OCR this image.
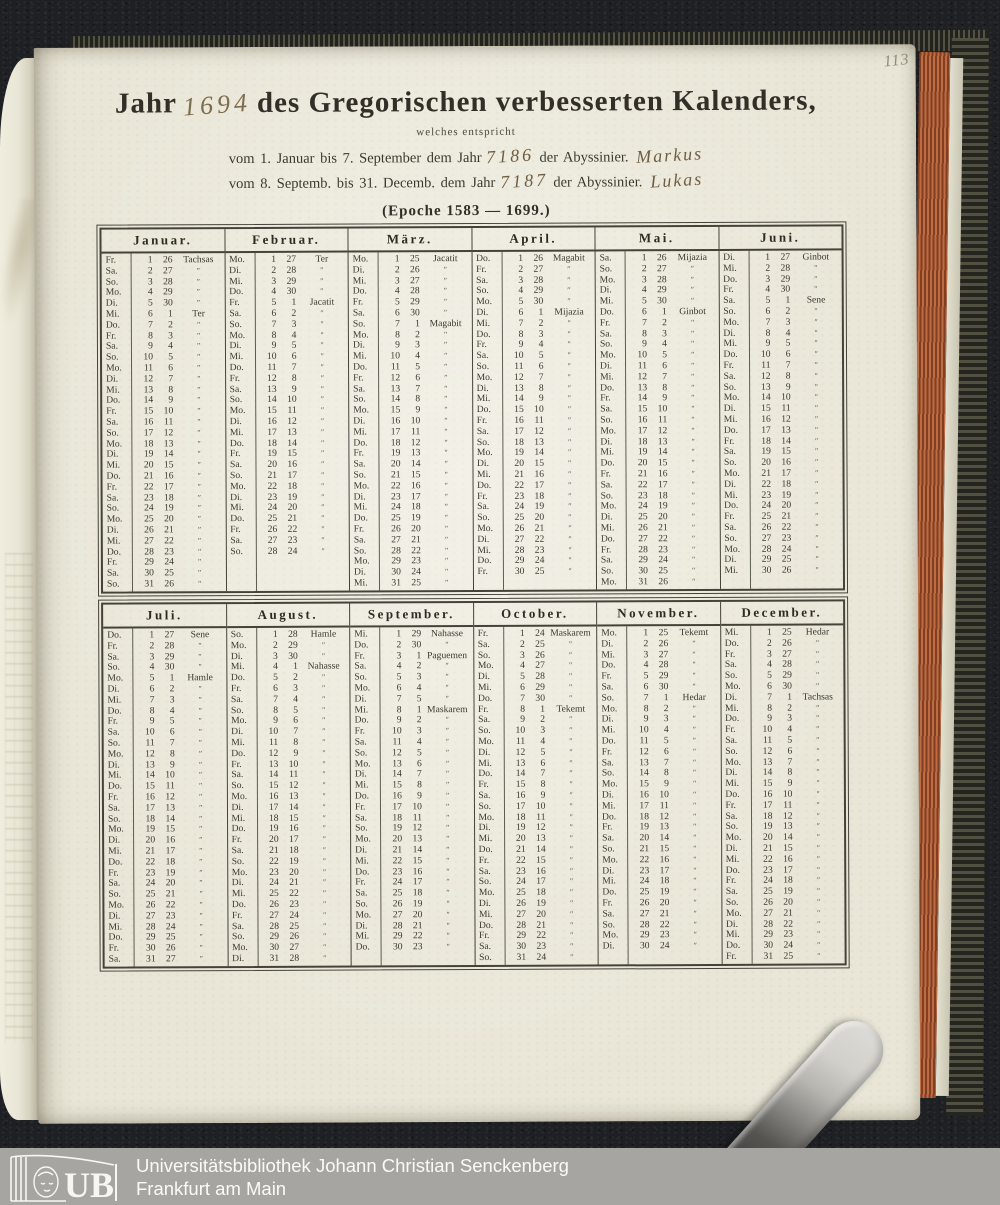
113
Jahr 1694 des Gregorischen verbesserten Kalenders,
welches entspricht
vom 1. Januar bis 7. September dem Jahr 7186 der Abyssinier. Markus
vom 8. Septemb. bis 31. Decemb. dem Jahr 7187 der Abyssinier. Lukas
(Epoche 1583 — 1699.)
Januar.
Fr.	1	26	Tachsas
Sa.	2	27	″
So.	3	28	″
Mo.	4	29	″
Di.	5	30	″
Mi.	6	1	Ter
Do.	7	2	″
Fr.	8	3	″
Sa.	9	4	″
So.	10	5	″
Mo.	11	6	″
Di.	12	7	″
Mi.	13	8	″
Do.	14	9	″
Fr.	15	10	″
Sa.	16	11	″
So.	17	12	″
Mo.	18	13	″
Di.	19	14	″
Mi.	20	15	″
Do.	21	16	″
Fr.	22	17	″
Sa.	23	18	″
So.	24	19	″
Mo.	25	20	″
Di.	26	21	″
Mi.	27	22	″
Do.	28	23	″
Fr.	29	24	″
Sa.	30	25	″
So.	31	26	″
Februar.
Mo.	1	27	Ter
Di.	2	28	″
Mi.	3	29	″
Do.	4	30	″
Fr.	5	1	Jacatit
Sa.	6	2	″
So.	7	3	″
Mo.	8	4	″
Di.	9	5	″
Mi.	10	6	″
Do.	11	7	″
Fr.	12	8	″
Sa.	13	9	″
So.	14	10	″
Mo.	15	11	″
Di.	16	12	″
Mi.	17	13	″
Do.	18	14	″
Fr.	19	15	″
Sa.	20	16	″
So.	21	17	″
Mo.	22	18	″
Di.	23	19	″
Mi.	24	20	″
Do.	25	21	″
Fr.	26	22	″
Sa.	27	23	″
So.	28	24	″
März.
Mo.	1	25	Jacatit
Di.	2	26	″
Mi.	3	27	″
Do.	4	28	″
Fr.	5	29	″
Sa.	6	30	″
So.	7	1	Magabit
Mo.	8	2	″
Di.	9	3	″
Mi.	10	4	″
Do.	11	5	″
Fr.	12	6	″
Sa.	13	7	″
So.	14	8	″
Mo.	15	9	″
Di.	16	10	″
Mi.	17	11	″
Do.	18	12	″
Fr.	19	13	″
Sa.	20	14	″
So.	21	15	″
Mo.	22	16	″
Di.	23	17	″
Mi.	24	18	″
Do.	25	19	″
Fr.	26	20	″
Sa.	27	21	″
So.	28	22	″
Mo.	29	23	″
Di.	30	24	″
Mi.	31	25	″
April.
Do.	1	26	Magabit
Fr.	2	27	″
Sa.	3	28	″
So.	4	29	″
Mo.	5	30	″
Di.	6	1	Mijazia
Mi.	7	2	″
Do.	8	3	″
Fr.	9	4	″
Sa.	10	5	″
So.	11	6	″
Mo.	12	7	″
Di.	13	8	″
Mi.	14	9	″
Do.	15	10	″
Fr.	16	11	″
Sa.	17	12	″
So.	18	13	″
Mo.	19	14	″
Di.	20	15	″
Mi.	21	16	″
Do.	22	17	″
Fr.	23	18	″
Sa.	24	19	″
So.	25	20	″
Mo.	26	21	″
Di.	27	22	″
Mi.	28	23	″
Do.	29	24	″
Fr.	30	25	″
Mai.
Sa.	1	26	Mijazia
So.	2	27	″
Mo.	3	28	″
Di.	4	29	″
Mi.	5	30	″
Do.	6	1	Ginbot
Fr.	7	2	″
Sa.	8	3	″
So.	9	4	″
Mo.	10	5	″
Di.	11	6	″
Mi.	12	7	″
Do.	13	8	″
Fr.	14	9	″
Sa.	15	10	″
So.	16	11	″
Mo.	17	12	″
Di.	18	13	″
Mi.	19	14	″
Do.	20	15	″
Fr.	21	16	″
Sa.	22	17	″
So.	23	18	″
Mo.	24	19	″
Di.	25	20	″
Mi.	26	21	″
Do.	27	22	″
Fr.	28	23	″
Sa.	29	24	″
So.	30	25	″
Mo.	31	26	″
Juni.
Di.	1	27	Ginbot
Mi.	2	28	″
Do.	3	29	″
Fr.	4	30	″
Sa.	5	1	Sene
So.	6	2	″
Mo.	7	3	″
Di.	8	4	″
Mi.	9	5	″
Do.	10	6	″
Fr.	11	7	″
Sa.	12	8	″
So.	13	9	″
Mo.	14	10	″
Di.	15	11	″
Mi.	16	12	″
Do.	17	13	″
Fr.	18	14	″
Sa.	19	15	″
So.	20	16	″
Mo.	21	17	″
Di.	22	18	″
Mi.	23	19	″
Do.	24	20	″
Fr.	25	21	″
Sa.	26	22	″
So.	27	23	″
Mo.	28	24	″
Di.	29	25	″
Mi.	30	26	″
Juli.
Do.	1	27	Sene
Fr.	2	28	″
Sa.	3	29	″
So.	4	30	″
Mo.	5	1	Hamle
Di.	6	2	″
Mi.	7	3	″
Do.	8	4	″
Fr.	9	5	″
Sa.	10	6	″
So.	11	7	″
Mo.	12	8	″
Di.	13	9	″
Mi.	14	10	″
Do.	15	11	″
Fr.	16	12	″
Sa.	17	13	″
So.	18	14	″
Mo.	19	15	″
Di.	20	16	″
Mi.	21	17	″
Do.	22	18	″
Fr.	23	19	″
Sa.	24	20	″
So.	25	21	″
Mo.	26	22	″
Di.	27	23	″
Mi.	28	24	″
Do.	29	25	″
Fr.	30	26	″
Sa.	31	27	″
August.
So.	1	28	Hamle
Mo.	2	29	″
Di.	3	30	″
Mi.	4	1	Nahasse
Do.	5	2	″
Fr.	6	3	″
Sa.	7	4	″
So.	8	5	″
Mo.	9	6	″
Di.	10	7	″
Mi.	11	8	″
Do.	12	9	″
Fr.	13	10	″
Sa.	14	11	″
So.	15	12	″
Mo.	16	13	″
Di.	17	14	″
Mi.	18	15	″
Do.	19	16	″
Fr.	20	17	″
Sa.	21	18	″
So.	22	19	″
Mo.	23	20	″
Di.	24	21	″
Mi.	25	22	″
Do.	26	23	″
Fr.	27	24	″
Sa.	28	25	″
So.	29	26	″
Mo.	30	27	″
Di.	31	28	″
September.
Mi.	1	29	Nahasse
Do.	2	30	″
Fr.	3	1 Paguemen
Sa.	4	2	″
So.	5	3	″
Mo.	6	4	″
Di.	7	5	″
Mi.	8	1 Maskarem
Do.	9	2	″
Fr.	10	3	″
Sa.	11	4	″
So.	12	5	″
Mo.	13	6	″
Di.	14	7	″
Mi.	15	8	″
Do.	16	9	″
Fr.	17	10	″
Sa.	18	11	″
So.	19	12	″
Mo.	20	13	″
Di.	21	14	″
Mi.	22	15	″
Do.	23	16	″
Fr.	24	17	″
Sa.	25	18	″
So.	26	19	″
Mo.	27	20	″
Di.	28	21	″
Mi.	29	22	″
Do.	30	23	″
October.
Fr.	1	24 Maskarem
Sa.	2	25	″
So.	3	26	″
Mo.	4	27	″
Di.	5	28	″
Mi.	6	29	″
Do.	7	30	″
Fr.	8	1	Tekemt
Sa.	9	2	″
So.	10	3	″
Mo.	11	4	″
Di.	12	5	″
Mi.	13	6	″
Do.	14	7	″
Fr.	15	8	″
Sa.	16	9	″
So.	17	10	″
Mo.	18	11	″
Di.	19	12	″
Mi.	20	13	″
Do.	21	14	″
Fr.	22	15	″
Sa.	23	16	″
So.	24	17	″
Mo.	25	18	″
Di.	26	19	″
Mi.	27	20	″
Do.	28	21	″
Fr.	29	22	″
Sa.	30	23	″
So.	31	24	″
November.
Mo.	1	25	Tekemt
Di.	2	26	″
Mi.	3	27	″
Do.	4	28	″
Fr.	5	29	″
Sa.	6	30	″
So.	7	1	Hedar
Mo.	8	2	″
Di.	9	3	″
Mi.	10	4	″
Do.	11	5	″
Fr.	12	6	″
Sa.	13	7	″
So.	14	8	″
Mo.	15	9	″
Di.	16	10	″
Mi.	17	11	″
Do.	18	12	″
Fr.	19	13	″
Sa.	20	14	″
So.	21	15	″
Mo.	22	16	″
Di.	23	17	″
Mi.	24	18	″
Do.	25	19	″
Fr.	26	20	″
Sa.	27	21	″
So.	28	22	″
Mo.	29	23	″
Di.	30	24	″
December.
Mi.	1	25	Hedar
Do.	2	26	″
Fr.	3	27	″
Sa.	4	28	″
So.	5	29	″
Mo.	6	30	″
Di.	7	1	Tachsas
Mi.	8	2	″
Do.	9	3	″
Fr.	10	4	″
Sa.	11	5	″
So.	12	6	″
Mo.	13	7	″
Di.	14	8	″
Mi.	15	9	″
Do.	16	10	″
Fr.	17	11	″
Sa.	18	12	″
So.	19	13	″
Mo.	20	14	″
Di.	21	15	″
Mi.	22	16	″
Do.	23	17	″
Fr.	24	18	″
Sa.	25	19	″
So.	26	20	″
Mo.	27	21	″
Di.	28	22	″
Mi.	29	23	″
Do.	30	24	″
Fr.	31	25	″
UB Universitätsbibliothek Johann Christian Senckenberg
Frankfurt am Main
